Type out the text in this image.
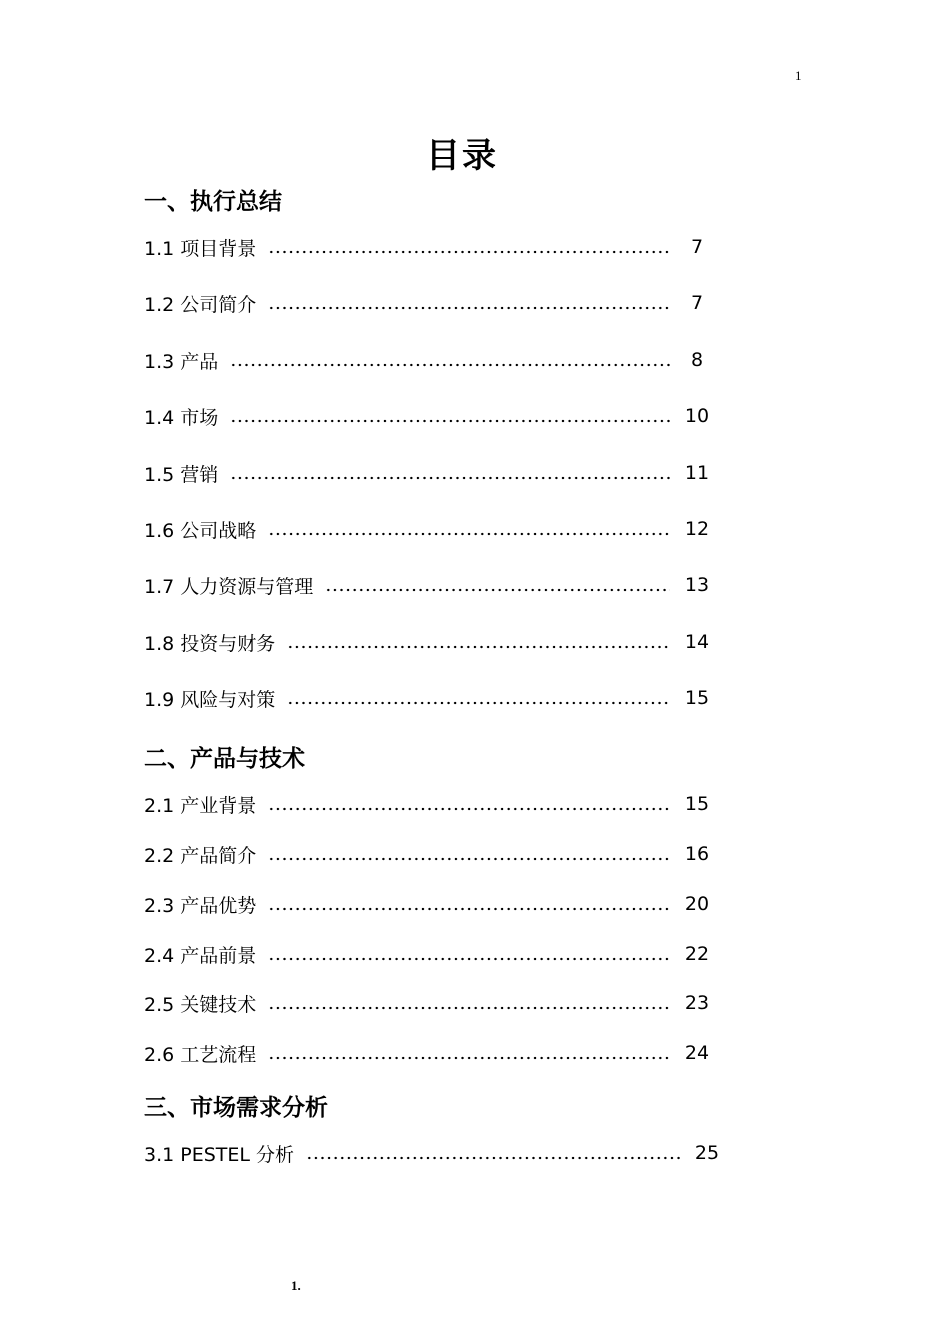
1
目录
一、执行总结
1.1 项目背景	7
1.2 公司简介	7
1.3 产品	8
1.4 市场	10
1.5 营销	11
1.6 公司战略	12
1.7 人力资源与管理	13
1.8 投资与财务	14
1.9 风险与对策	15
二、产品与技术
2.1 产业背景	15
2.2 产品简介	16
2.3 产品优势	20
2.4 产品前景	22
2.5 关键技术	23
2.6 工艺流程	24
三、市场需求分析
3.1 PESTEL 分析	25
1.
